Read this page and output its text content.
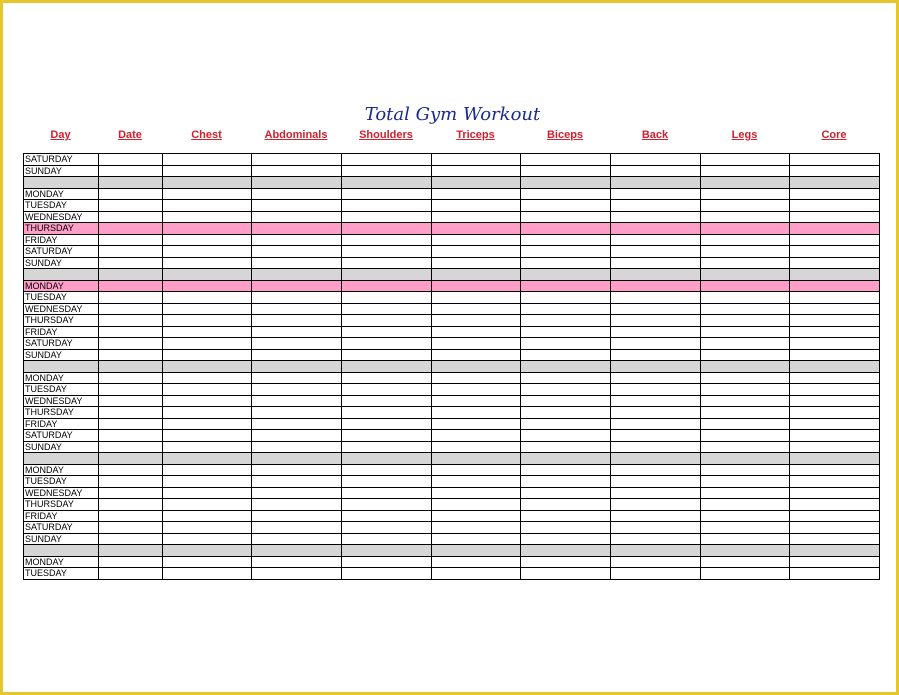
Total Gym Workout
Day	Date	Chest	Abdominals	Shoulders	Triceps	Biceps	Back	Legs	Core
SATURDAY									
SUNDAY									

MONDAY									
TUESDAY									
WEDNESDAY									
THURSDAY									
FRIDAY									
SATURDAY									
SUNDAY									

MONDAY									
TUESDAY									
WEDNESDAY									
THURSDAY									
FRIDAY									
SATURDAY									
SUNDAY									

MONDAY									
TUESDAY									
WEDNESDAY									
THURSDAY									
FRIDAY									
SATURDAY									
SUNDAY									

MONDAY									
TUESDAY									
WEDNESDAY									
THURSDAY									
FRIDAY									
SATURDAY									
SUNDAY									

MONDAY									
TUESDAY									
